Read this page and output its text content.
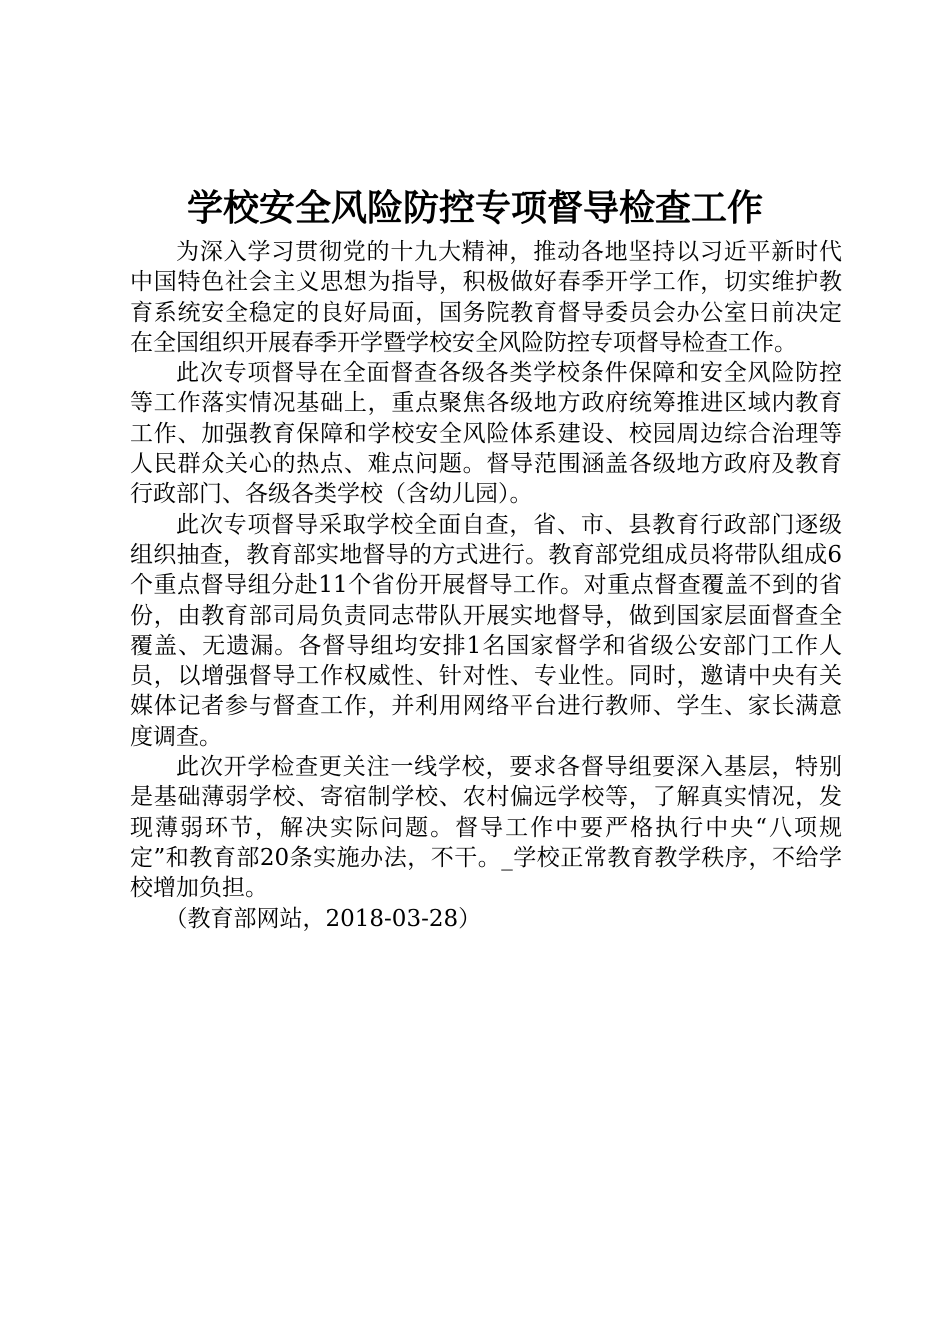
学校安全风险防控专项督导检查工作

为深入学习贯彻党的十九大精神，推动各地坚持以习近平新时代中国特色社会主义思想为指导，积极做好春季开学工作，切实维护教育系统安全稳定的良好局面，国务院教育督导委员会办公室日前决定在全国组织开展春季开学暨学校安全风险防控专项督导检查工作。

此次专项督导在全面督查各级各类学校条件保障和安全风险防控等工作落实情况基础上，重点聚焦各级地方政府统筹推进区域内教育工作、加强教育保障和学校安全风险体系建设、校园周边综合治理等人民群众关心的热点、难点问题。督导范围涵盖各级地方政府及教育行政部门、各级各类学校（含幼儿园）。

此次专项督导采取学校全面自查，省、市、县教育行政部门逐级组织抽查，教育部实地督导的方式进行。教育部党组成员将带队组成6个重点督导组分赴11个省份开展督导工作。对重点督查覆盖不到的省份，由教育部司局负责同志带队开展实地督导，做到国家层面督查全覆盖、无遗漏。各督导组均安排1名国家督学和省级公安部门工作人员，以增强督导工作权威性、针对性、专业性。同时，邀请中央有关媒体记者参与督查工作，并利用网络平台进行教师、学生、家长满意度调查。

此次开学检查更关注一线学校，要求各督导组要深入基层，特别是基础薄弱学校、寄宿制学校、农村偏远学校等，了解真实情况，发现薄弱环节，解决实际问题。督导工作中要严格执行中央“八项规定”和教育部20条实施办法，不干。_学校正常教育教学秩序，不给学校增加负担。

（教育部网站，2018-03-28）
